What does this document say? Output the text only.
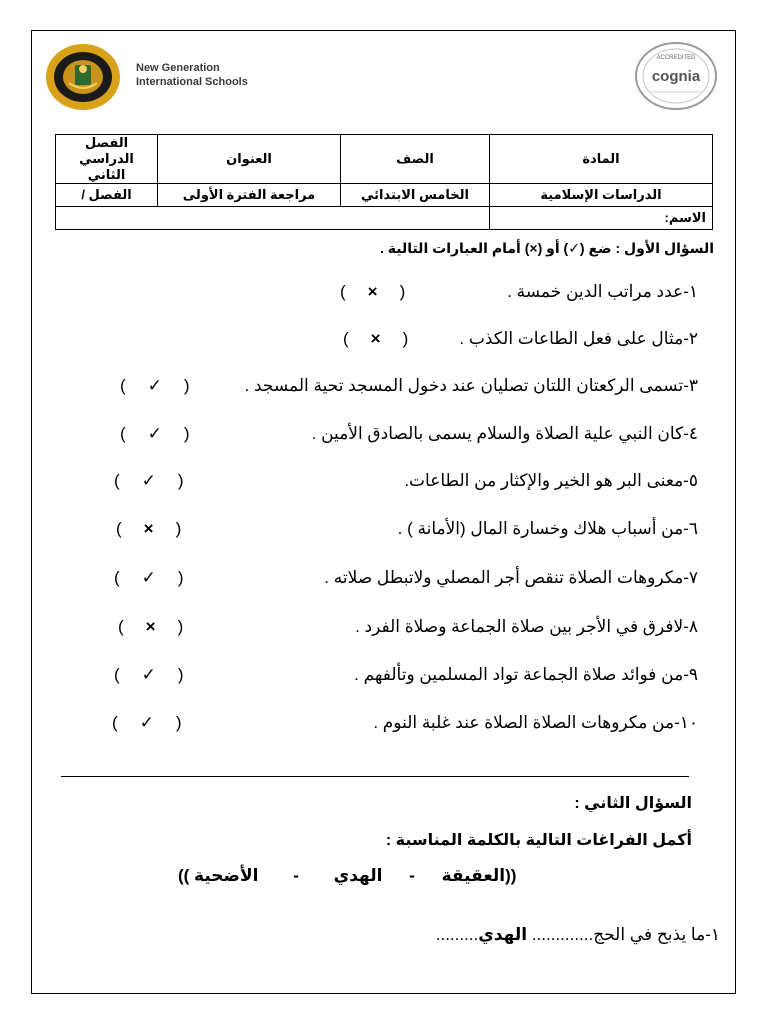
New Generation
International Schools
ACCREDITED
cognia
المادة	الصف	العنوان	الفصل الدراسي الثاني
الدراسات الإسلامية	الخامس الابتدائي	مراجعة الفترة الأولى	الفصل /
الاسم:			
السؤال الأول : ضع (✓) أو (×) أمام العبارات التالية .
١-عدد مراتب الدين خمسة .
(×)
٢-مثال على فعل الطاعات الكذب .
(×)
٣-تسمى الركعتان اللتان تصليان عند دخول المسجد تحية المسجد .
(✓)
٤-كان النبي علية الصلاة والسلام يسمى بالصادق الأمين .
(✓)
٥-معنى البر هو الخير والإكثار من الطاعات.
(✓)
٦-من أسباب هلاك وخسارة المال (الأمانة ) .
(×)
٧-مكروهات الصلاة تنقص أجر المصلي ولاتبطل صلاته .
(✓)
٨-لافرق في الأجر بين صلاة الجماعة وصلاة الفرد .
(×)
٩-من فوائد صلاة الجماعة تواد المسلمين وتألفهم .
(✓)
١٠-من مكروهات الصلاة الصلاة عند غلبة النوم .
(✓)
السؤال الثاني :
أكمل الفراغات التالية بالكلمة المناسبة :
((العقيقة - الهدي - الأضحية ))
١-ما يذبح في الحج............. الهدي.........
